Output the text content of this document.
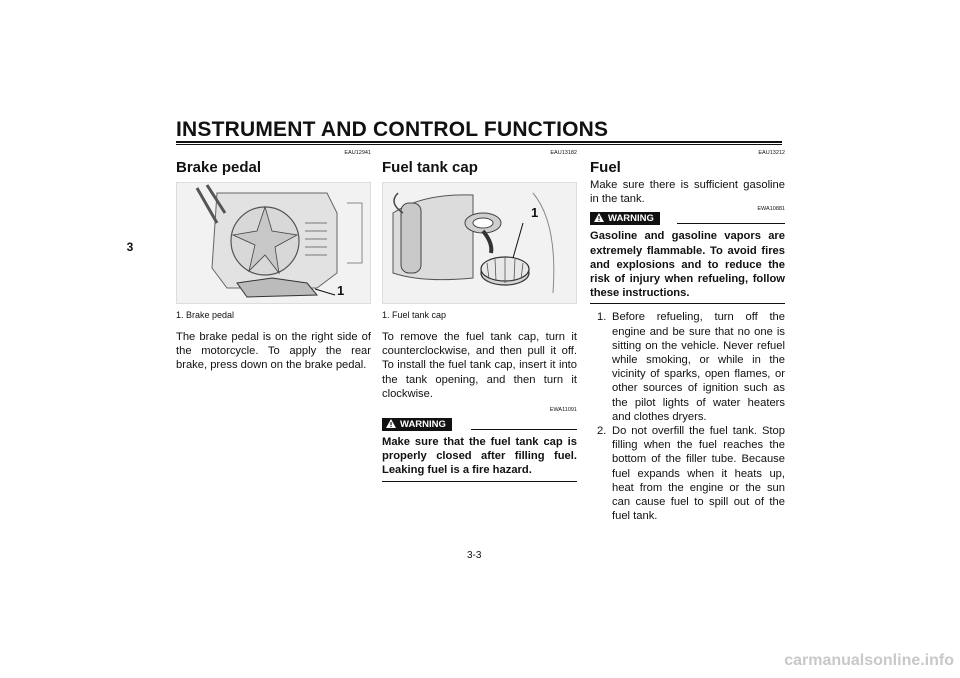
INSTRUMENT AND CONTROL FUNCTIONS
3
EAU12941
Brake pedal
1
1. Brake pedal

The brake pedal is on the right side of the motorcycle. To apply the rear brake, press down on the brake pedal.

EAU13182
Fuel tank cap
1
1. Fuel tank cap

To remove the fuel tank cap, turn it counterclockwise, and then pull it off. To install the fuel tank cap, insert it into the tank opening, and then turn it clockwise.

EWA11091
WARNING
Make sure that the fuel tank cap is properly closed after filling fuel. Leaking fuel is a fire hazard.
EAU13212
Fuel

Make sure there is sufficient gasoline in the tank.

WARNING
EWA10881
Gasoline and gasoline vapors are extremely flammable. To avoid fires and explosions and to reduce the risk of injury when refueling, follow these instructions.
1. Before refueling, turn off the engine and be sure that no one is sitting on the vehicle. Never refuel while smoking, or while in the vicinity of sparks, open flames, or other sources of ignition such as the pilot lights of water heaters and clothes dryers.
2. Do not overfill the fuel tank. Stop filling when the fuel reaches the bottom of the filler tube. Because fuel expands when it heats up, heat from the engine or the sun can cause fuel to spill out of the fuel tank.
3-3
carmanualsonline.info
